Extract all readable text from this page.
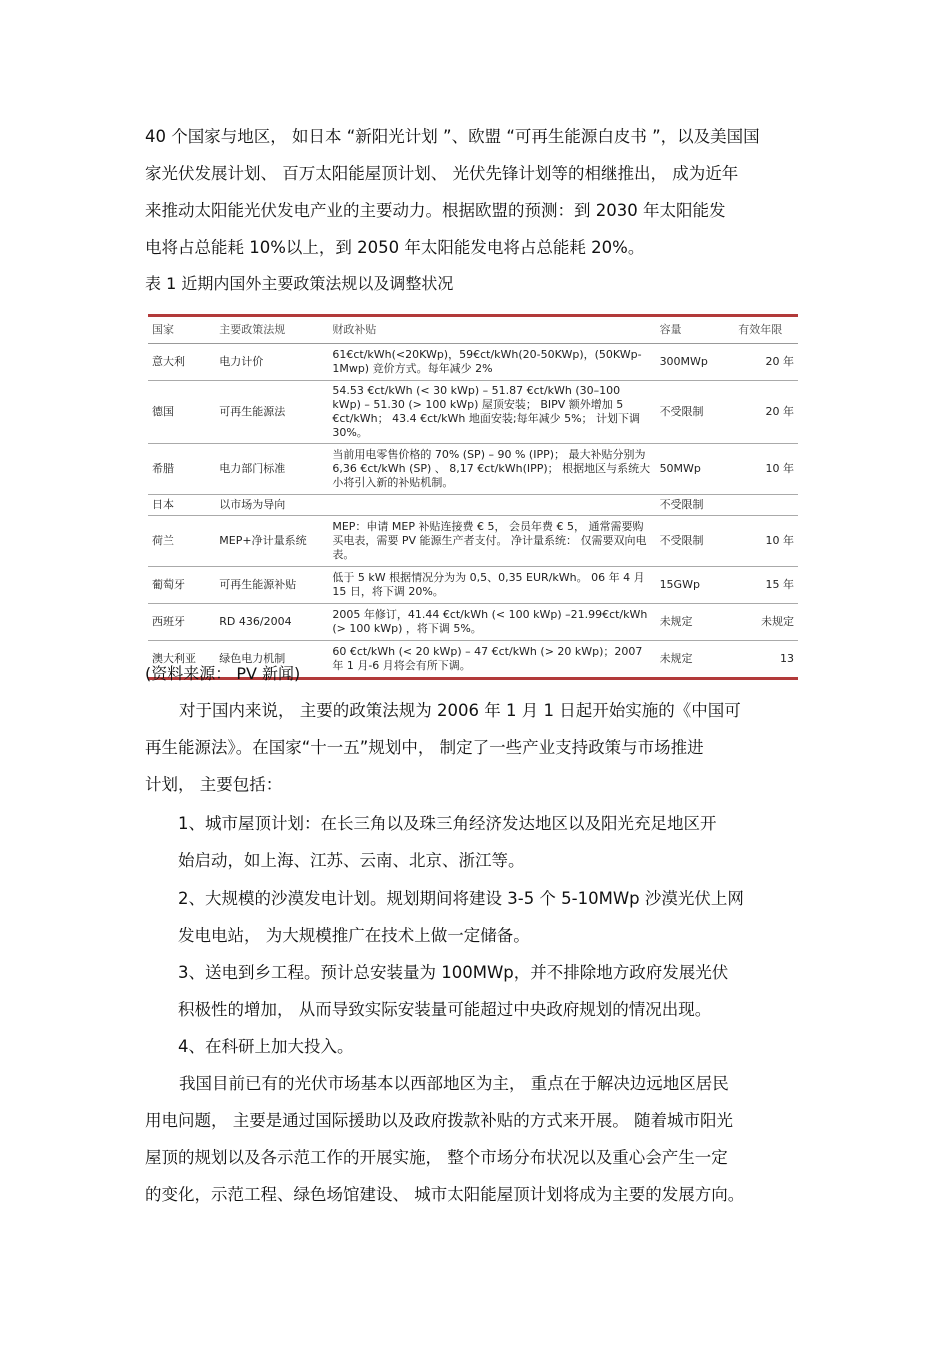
40 个国家与地区， 如日本 “新阳光计划 ”、欧盟 “可再生能源白皮书 ”，以及美国国
家光伏发展计划、 百万太阳能屋顶计划、 光伏先锋计划等的相继推出， 成为近年
来推动太阳能光伏发电产业的主要动力。根据欧盟的预测：到 2030 年太阳能发
电将占总能耗 10%以上，到 2050 年太阳能发电将占总能耗 20%。
表 1 近期内国外主要政策法规以及调整状况
国家	主要政策法规	财政补贴	容量	有效年限
意大利	电力计价	61€ct/kWh(<20KWp)，59€ct/kWh(20-50KWp)，(50KWp-1Mwp) 竞价方式。每年减少 2%	300MWp	20 年
德国	可再生能源法	54.53 €ct/kWh (< 30 kWp) – 51.87 €ct/kWh (30–100 kWp) – 51.30 (> 100 kWp) 屋顶安装； BIPV 额外增加 5 €ct/kWh； 43.4 €ct/kWh 地面安装;每年减少 5%； 计划下调 30%。	不受限制	20 年
希腊	电力部门标准	当前用电零售价格的 70% (SP) – 90 % (IPP)； 最大补贴分别为 6,36 €ct/kWh (SP) 、 8,17 €ct/kWh(IPP)； 根据地区与系统大小将引入新的补贴机制。	50MWp	10 年
日本	以市场为导向		不受限制	
荷兰	MEP+净计量系统	MEP：申请 MEP 补贴连接费 € 5， 会员年费 € 5， 通常需要购买电表，需要 PV 能源生产者支付。 净计量系统： 仅需要双向电表。	不受限制	10 年
葡萄牙	可再生能源补贴	低于 5 kW 根据情况分为为 0,5、0,35 EUR/kWh。 06 年 4 月 15 日，将下调 20%。	15GWp	15 年
西班牙	RD 436/2004	2005 年修订，41.44 €ct/kWh (< 100 kWp) –21.99€ct/kWh (> 100 kWp) ，将下调 5%。	未规定	未规定
澳大利亚	绿色电力机制	60 €ct/kWh (< 20 kWp) – 47 €ct/kWh (> 20 kWp)；2007 年 1 月-6 月将会有所下调。	未规定	13
(资料来源： PV 新闻)
对于国内来说， 主要的政策法规为 2006 年 1 月 1 日起开始实施的《中国可
再生能源法》。在国家“十一五”规划中， 制定了一些产业支持政策与市场推进
计划， 主要包括：
1、城市屋顶计划：在长三角以及珠三角经济发达地区以及阳光充足地区开
始启动，如上海、江苏、云南、北京、浙江等。
2、大规模的沙漠发电计划。规划期间将建设 3-5 个 5-10MWp 沙漠光伏上网
发电电站， 为大规模推广在技术上做一定储备。
3、送电到乡工程。预计总安装量为 100MWp，并不排除地方政府发展光伏
积极性的增加， 从而导致实际安装量可能超过中央政府规划的情况出现。
4、在科研上加大投入。
我国目前已有的光伏市场基本以西部地区为主， 重点在于解决边远地区居民
用电问题， 主要是通过国际援助以及政府拨款补贴的方式来开展。 随着城市阳光
屋顶的规划以及各示范工作的开展实施， 整个市场分布状况以及重心会产生一定
的变化，示范工程、绿色场馆建设、 城市太阳能屋顶计划将成为主要的发展方向。
